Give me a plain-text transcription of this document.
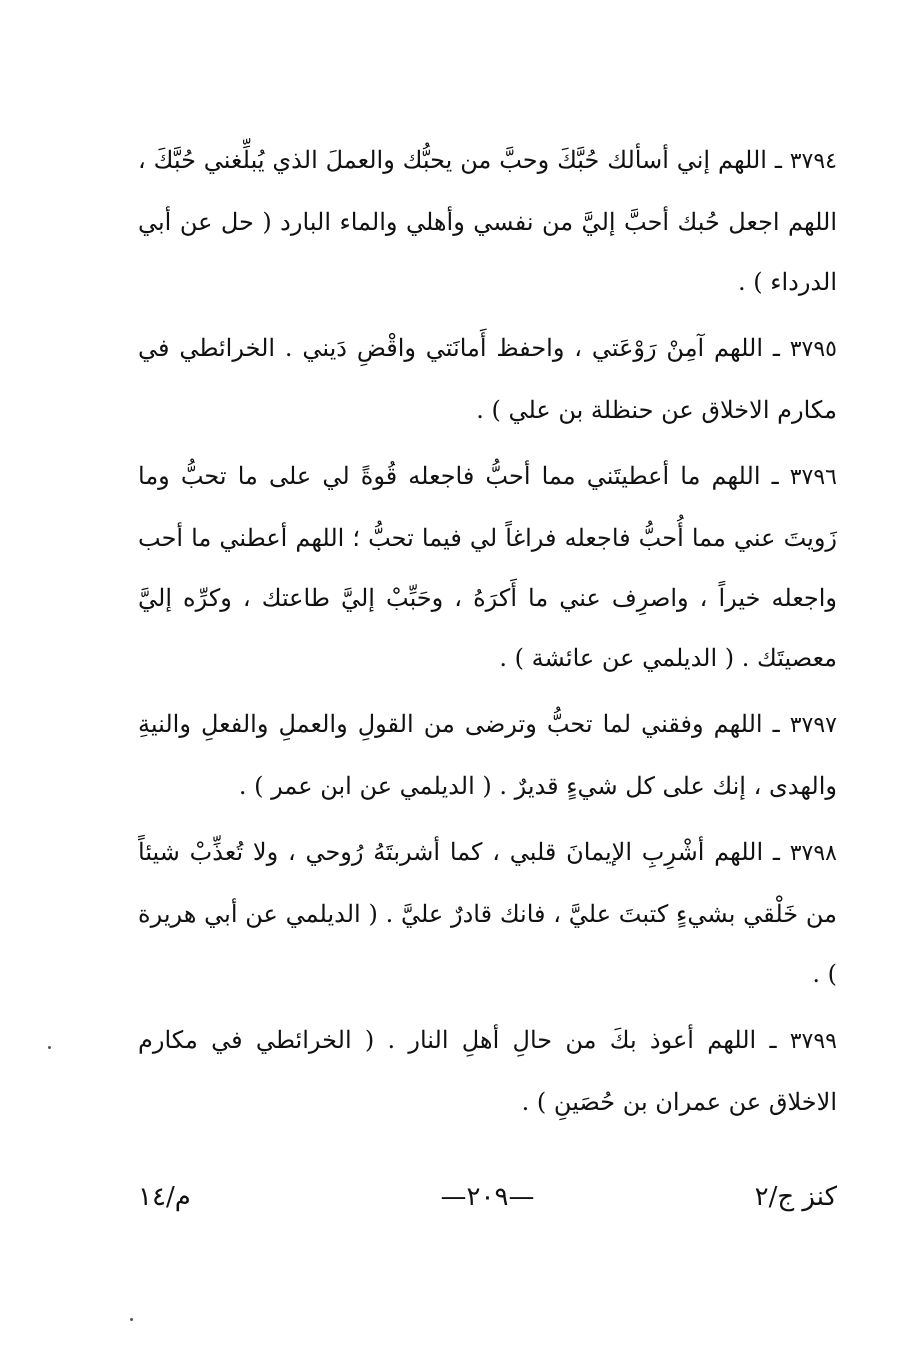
٣٧٩٤ ـ اللهم إني أسألك حُبَّكَ وحبَّ من يحبُّك والعملَ الذي يُبلِّغني حُبَّكَ ، اللهم اجعل حُبك أحبَّ إليَّ من نفسي وأهلي والماء البارد ( حل عن أبي الدرداء ) .

٣٧٩٥ ـ اللهم آمِنْ رَوْعَتي ، واحفظ أَمانَتي واقْضِ دَيني . الخرائطي في مكارم الاخلاق عن حنظلة بن علي ) .

٣٧٩٦ ـ اللهم ما أعطيتَني مما أحبُّ فاجعله قُوةً لي على ما تحبُّ وما زَويتَ عني مما أُحبُّ فاجعله فراغاً لي فيما تحبُّ ؛ اللهم أعطني ما أحب واجعله خيراً ، واصرِف عني ما أَكرَهُ ، وحَبِّبْ إليَّ طاعتك ، وكرِّه إليَّ معصيتَك . ( الديلمي عن عائشة ) .

٣٧٩٧ ـ اللهم وفقني لما تحبُّ وترضى من القولِ والعملِ والفعلِ والنيةِ والهدى ، إنك على كل شيءٍ قديرٌ . ( الديلمي عن ابن عمر ) .

٣٧٩٨ ـ اللهم أشْرِبِ الإيمانَ قلبي ، كما أشربتَهُ رُوحي ، ولا تُعذِّبْ شيئاً من خَلْقي بشيءٍ كتبتَ عليَّ ، فانك قادرٌ عليَّ . ( الديلمي عن أبي هريرة ) .

٣٧٩٩ ـ اللهم أعوذ بكَ من حالِ أهلِ النار . ( الخرائطي في مكارم الاخلاق عن عمران بن حُصَينِ ) .

كنز ج/٢
—٢٠٩—
م/١٤
